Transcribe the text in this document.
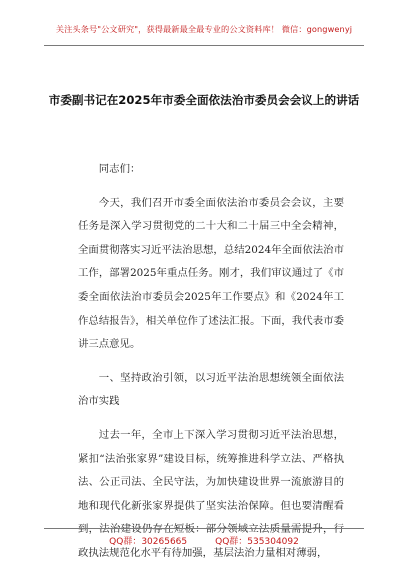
关注头条号"公文研究"，获得最新最全最专业的公文资料库！ 微信：gongwenyj
市委副书记在2025年市委全面依法治市委员会会议上的讲话

同志们：

今天，我们召开市委全面依法治市委员会会议，主要任务是深入学习贯彻党的二十大和二十届三中全会精神，全面贯彻落实习近平法治思想，总结2024年全面依法治市工作，部署2025年重点任务。刚才，我们审议通过了《市委全面依法治市委员会2025年工作要点》和《2024年工作总结报告》，相关单位作了述法汇报。下面，我代表市委讲三点意见。

一、坚持政治引领，以习近平法治思想统领全面依法治市实践

过去一年，全市上下深入学习贯彻习近平法治思想，紧扣“法治张家界”建设目标，统筹推进科学立法、严格执法、公正司法、全民守法，为加快建设世界一流旅游目的地和现代化新张家界提供了坚实法治保障。但也要清醒看到，法治建设仍存在短板：部分领域立法质量需提升，行政执法规范化水平有待加强，基层法治力量相对薄弱，

QQ群：30265665	QQ群：535304092
